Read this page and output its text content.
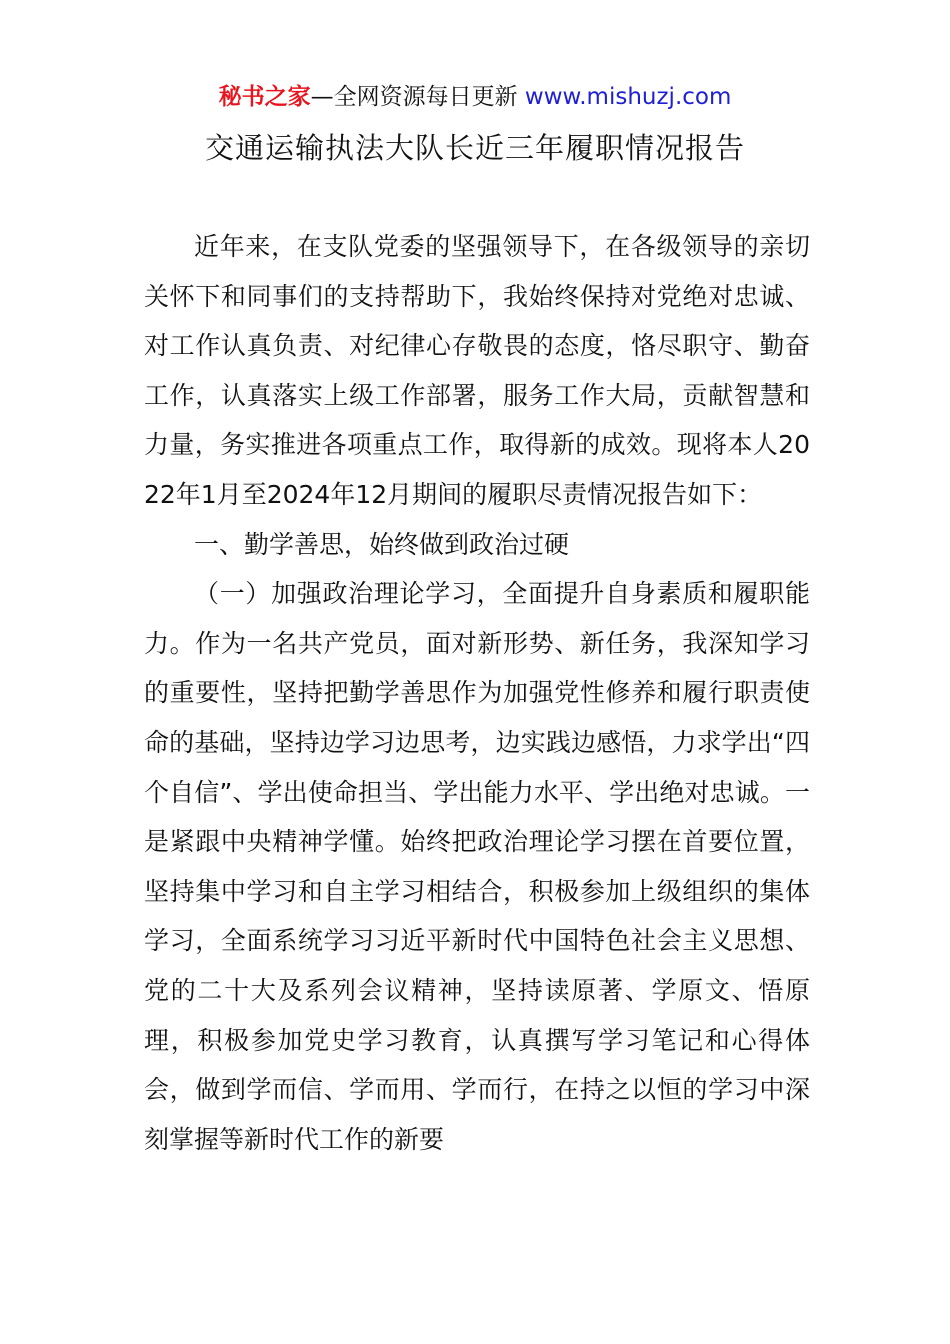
秘书之家—全网资源每日更新 www.mishuzj.com
交通运输执法大队长近三年履职情况报告

近年来，在支队党委的坚强领导下，在各级领导的亲切关怀下和同事们的支持帮助下，我始终保持对党绝对忠诚、对工作认真负责、对纪律心存敬畏的态度，恪尽职守、勤奋工作，认真落实上级工作部署，服务工作大局，贡献智慧和力量，务实推进各项重点工作，取得新的成效。现将本人2022年1月至2024年12月期间的履职尽责情况报告如下：

一、勤学善思，始终做到政治过硬

（一）加强政治理论学习，全面提升自身素质和履职能力。作为一名共产党员，面对新形势、新任务，我深知学习的重要性，坚持把勤学善思作为加强党性修养和履行职责使命的基础，坚持边学习边思考，边实践边感悟，力求学出“四个自信”、学出使命担当、学出能力水平、学出绝对忠诚。一是紧跟中央精神学懂。始终把政治理论学习摆在首要位置，坚持集中学习和自主学习相结合，积极参加上级组织的集体学习，全面系统学习习近平新时代中国特色社会主义思想、党的二十大及系列会议精神，坚持读原著、学原文、悟原理，积极参加党史学习教育，认真撰写学习笔记和心得体会，做到学而信、学而用、学而行，在持之以恒的学习中深刻掌握等新时代工作的新要
